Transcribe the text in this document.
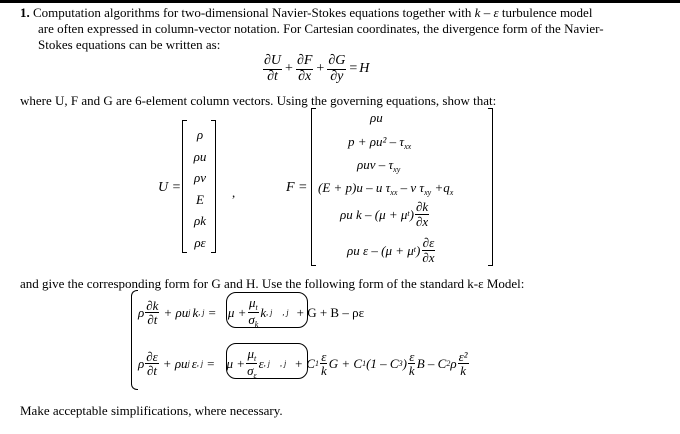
1. Computation algorithms for two-dimensional Navier-Stokes equations together with k – ε turbulence model
are often expressed in column-vector notation. For Cartesian coordinates, the divergence form of the Navier-
Stokes equations can be written as:
$\frac{\partial U}{\partial t} + \frac{\partial F}{\partial x} + \frac{\partial G}{\partial y} = H$
where U, F and G are 6-element column vectors. Using the governing equations, show that:
U =
ρ
ρu
ρv
E
ρk
ρε
,	F =
ρu
$p + \rho u^2 - \tau_{xx}$
ρuv – $\tau_{xy}$
(E + p)u – u $\tau_{xx}$ – v $\tau_{xy} +q_x$
ρu k – (μ + μ t ) $\frac{\partial k}{\partial x}$
ρu ε – (μ + μ t ) $\frac{\partial\varepsilon}{\partial x}$
and give the corresponding form for G and H. Use the following form of the standard k-ε Model:
ρ $\frac{\partial k}{\partial t} + \rho u$ j k , $j = \mu + \frac{\mu_t}{\sigma_k}$ k , j , j + G + B – ρε
ρ $\frac{\partial\varepsilon}{\partial t} + \rho u$ j ε , $j = \mu + \frac{\mu_t}{\sigma_\varepsilon}$ ε , j , j + C $1 \frac{\varepsilon}{k}$ G + C 1 (1 – C 3 ) $\frac{\varepsilon}{k}$ B – C 2 ρ $\frac{\text{ε²}}{k}$
Make acceptable simplifications, where necessary.
